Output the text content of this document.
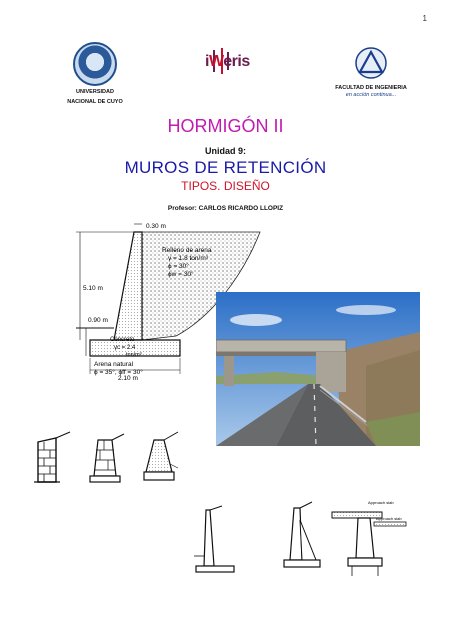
1
UNIVERSIDAD
NACIONAL DE CUYO
iWeris
FACULTAD DE INGENIERIA
en acción continua...
HORMIGÓN II
Unidad 9:
MUROS DE RETENCIÓN
TIPOS. DISEÑO
Profesor: CARLOS RICARDO LLOPIZ
0.30 m
5.10 m
0.90 m
2.10 m
Relleno de arena
γ = 1.8 ton/m³
ϕ = 30°
ϕw = 30°
Concreto
γc = 2.4
ton/m³
Arena natural
ϕ = 35°, ϕff = 30°
Approach slab
Approach slab
